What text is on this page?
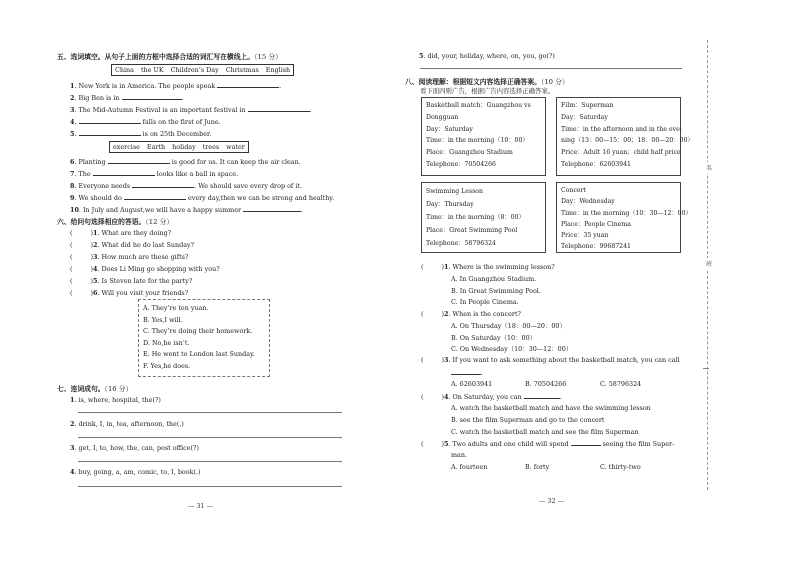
五、选词填空。从句子上面的方框中选择合适的词汇写在横线上。（15 分）
China the UK Children’s Day Christmas English
1. New York is in America. The people speak	.
2. Big Ben is in	.
3. The Mid-Autumn Festival is an important festival in	.
4.	falls on the first of June.
5.	is on 25th December.
exercise Earth holiday trees water
6. Planting	is good for us. It can keep the air clean.
7. The	looks like a ball in space.
8. Everyone needs	. We should save every drop of it.
9. We should do	every day,then we can be strong and healthy.
10. In July and August,we will have a happy summer	.
六、给问句选择相应的答语。（12 分）
(	)1. What are they doing?
(	)2. What did he do last Sunday?
(	)3. How much are these gifts?
(	)4. Does Li Ming go shopping with you?
(	)5. Is Steven late for the party?
(	)6. Will you visit your friends?
A. They’re ten yuan.
B. Yes,I will.
C. They’re doing their homework.
D. No,he isn’t.
E. He went to London last Sunday.
F. Yes,he does.
七、连词成句。（16 分）
1. is, where, hospital, the(?)
2. drink, I, in, tea, afternoon, the(.)
3. get, I, to, how, the, can, post office(?)
4. buy, going, a, am, comic, to, I, book(.)
— 31 —
5. did, your, holiday, where, on, you, go(?)
八、阅读理解：根据短文内容选择正确答案。（10 分）
看下面四则广告，根据广告内容选择正确答案。
Basketball match：Guangzhou vs
Dongguan
Day：Saturday
Time：in the morning（10：00）
Place：Guangzhou Stadium
Telephone：70504266
Film：Superman
Day：Saturday
Time：in the afternoon and in the eve-
ning（13：00—15：00；18：00—20：00）
Price：Adult 16 yuan；child half price
Telephone：62603941
Swimming Lesson
Day：Thursday
Time：in the morning（8：00）
Place：Great Swimming Pool
Telephone：58796324
Concert
Day：Wednesday
Time：in the morning（10：30—12：00）
Place：People Cinema
Price：35 yuan
Telephone：99687241
(	)1. Where is the swimming lesson?
A. In Guangzhou Stadium.
B. In Great Swimming Pool.
C. In People Cinema.
(	)2. When is the concert?
A. On Thursday（18：00—20：00）
B. On Saturday（10：00）
C. On Wednesday（10：30—12：00）
(	)3. If you want to ask something about the basketball match, you can call
.
A. 62603941	B. 70504266	C. 58796324
(	)4. On Saturday, you can	.
A. watch the basketball match and have the swimming lesson
B. see the film Superman and go to the concert
C. watch the basketball match and see the film Superman
(	)5. Two adults and one child will spend	seeing the film Super-
man.
A. fourteen	B. forty	C. thirty-two
— 32 —
名
班
